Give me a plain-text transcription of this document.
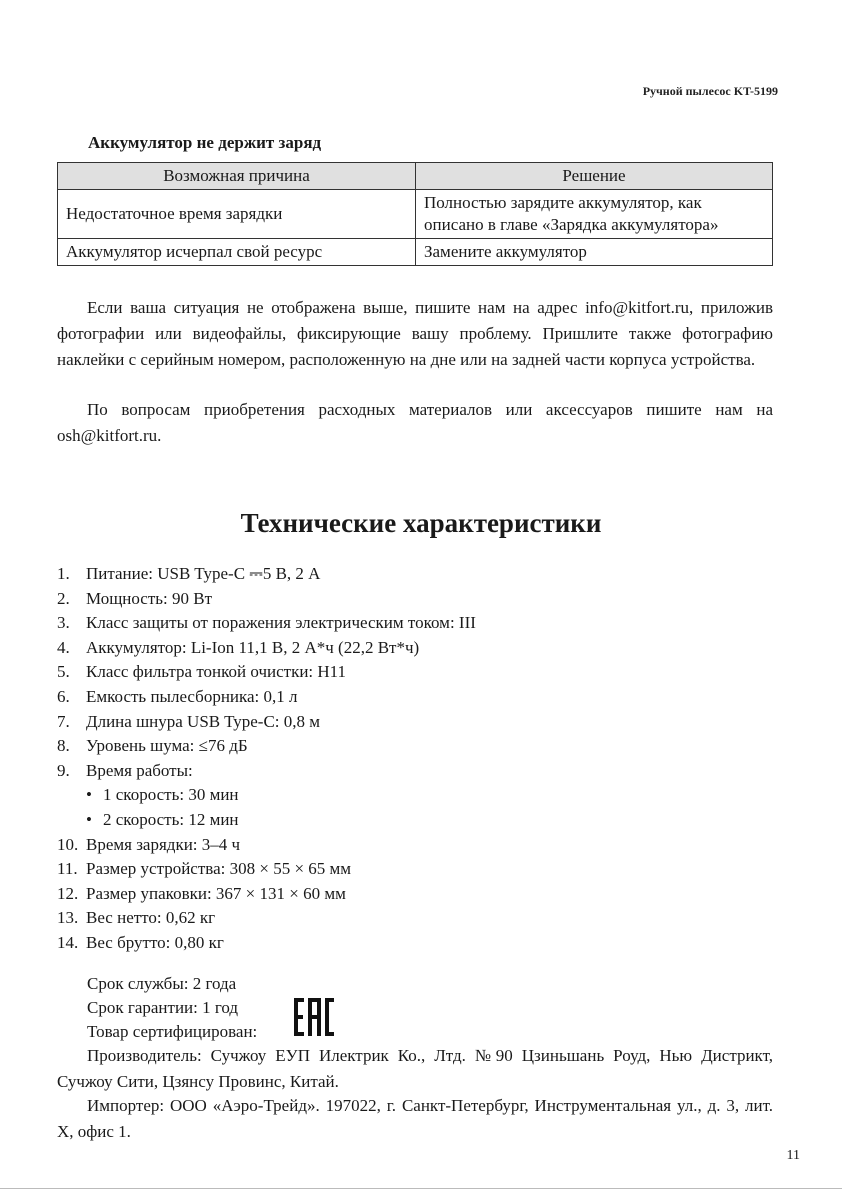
Ручной пылесос KT-5199
Аккумулятор не держит заряд
Возможная причина	Решение
Недостаточное время зарядки	Полностью зарядите аккумулятор, как описано в главе «Зарядка аккумулятора»
Аккумулятор исчерпал свой ресурс	Замените аккумулятор
Если ваша ситуация не отображена выше, пишите нам на адрес info@kitfort.ru, приложив фотографии или видеофайлы, фиксирующие вашу проблему. Пришлите также фотографию наклейки с серийным номером, расположенную на дне или на задней части корпуса устройства.
По вопросам приобретения расходных материалов или аксессуаров пишите нам на osh@kitfort.ru.
Технические характеристики
1. Питание: USB Type-C ⎓5 В, 2 А
2. Мощность: 90 Вт
3. Класс защиты от поражения электрическим током: III
4. Аккумулятор: Li-Ion 11,1 В, 2 А*ч (22,2 Вт*ч)
5. Класс фильтра тонкой очистки: H11
6. Емкость пылесборника: 0,1 л
7. Длина шнура USB Type-C: 0,8 м
8. Уровень шума: ≤76 дБ
9. Время работы:
• 1 скорость: 30 мин
• 2 скорость: 12 мин
10. Время зарядки: 3–4 ч
11. Размер устройства: 308 × 55 × 65 мм
12. Размер упаковки: 367 × 131 × 60 мм
13. Вес нетто: 0,62 кг
14. Вес брутто: 0,80 кг
Срок службы: 2 года
Срок гарантии: 1 год
Товар сертифицирован:
Производитель: Сучжоу ЕУП Илектрик Ко., Лтд. №90 Цзиньшань Роуд, Нью Дистрикт, Сучжоу Сити, Цзянсу Провинс, Китай.
Импортер: ООО «Аэро-Трейд». 197022, г. Санкт-Петербург, Инструментальная ул., д. 3, лит. Х, офис 1.
11
